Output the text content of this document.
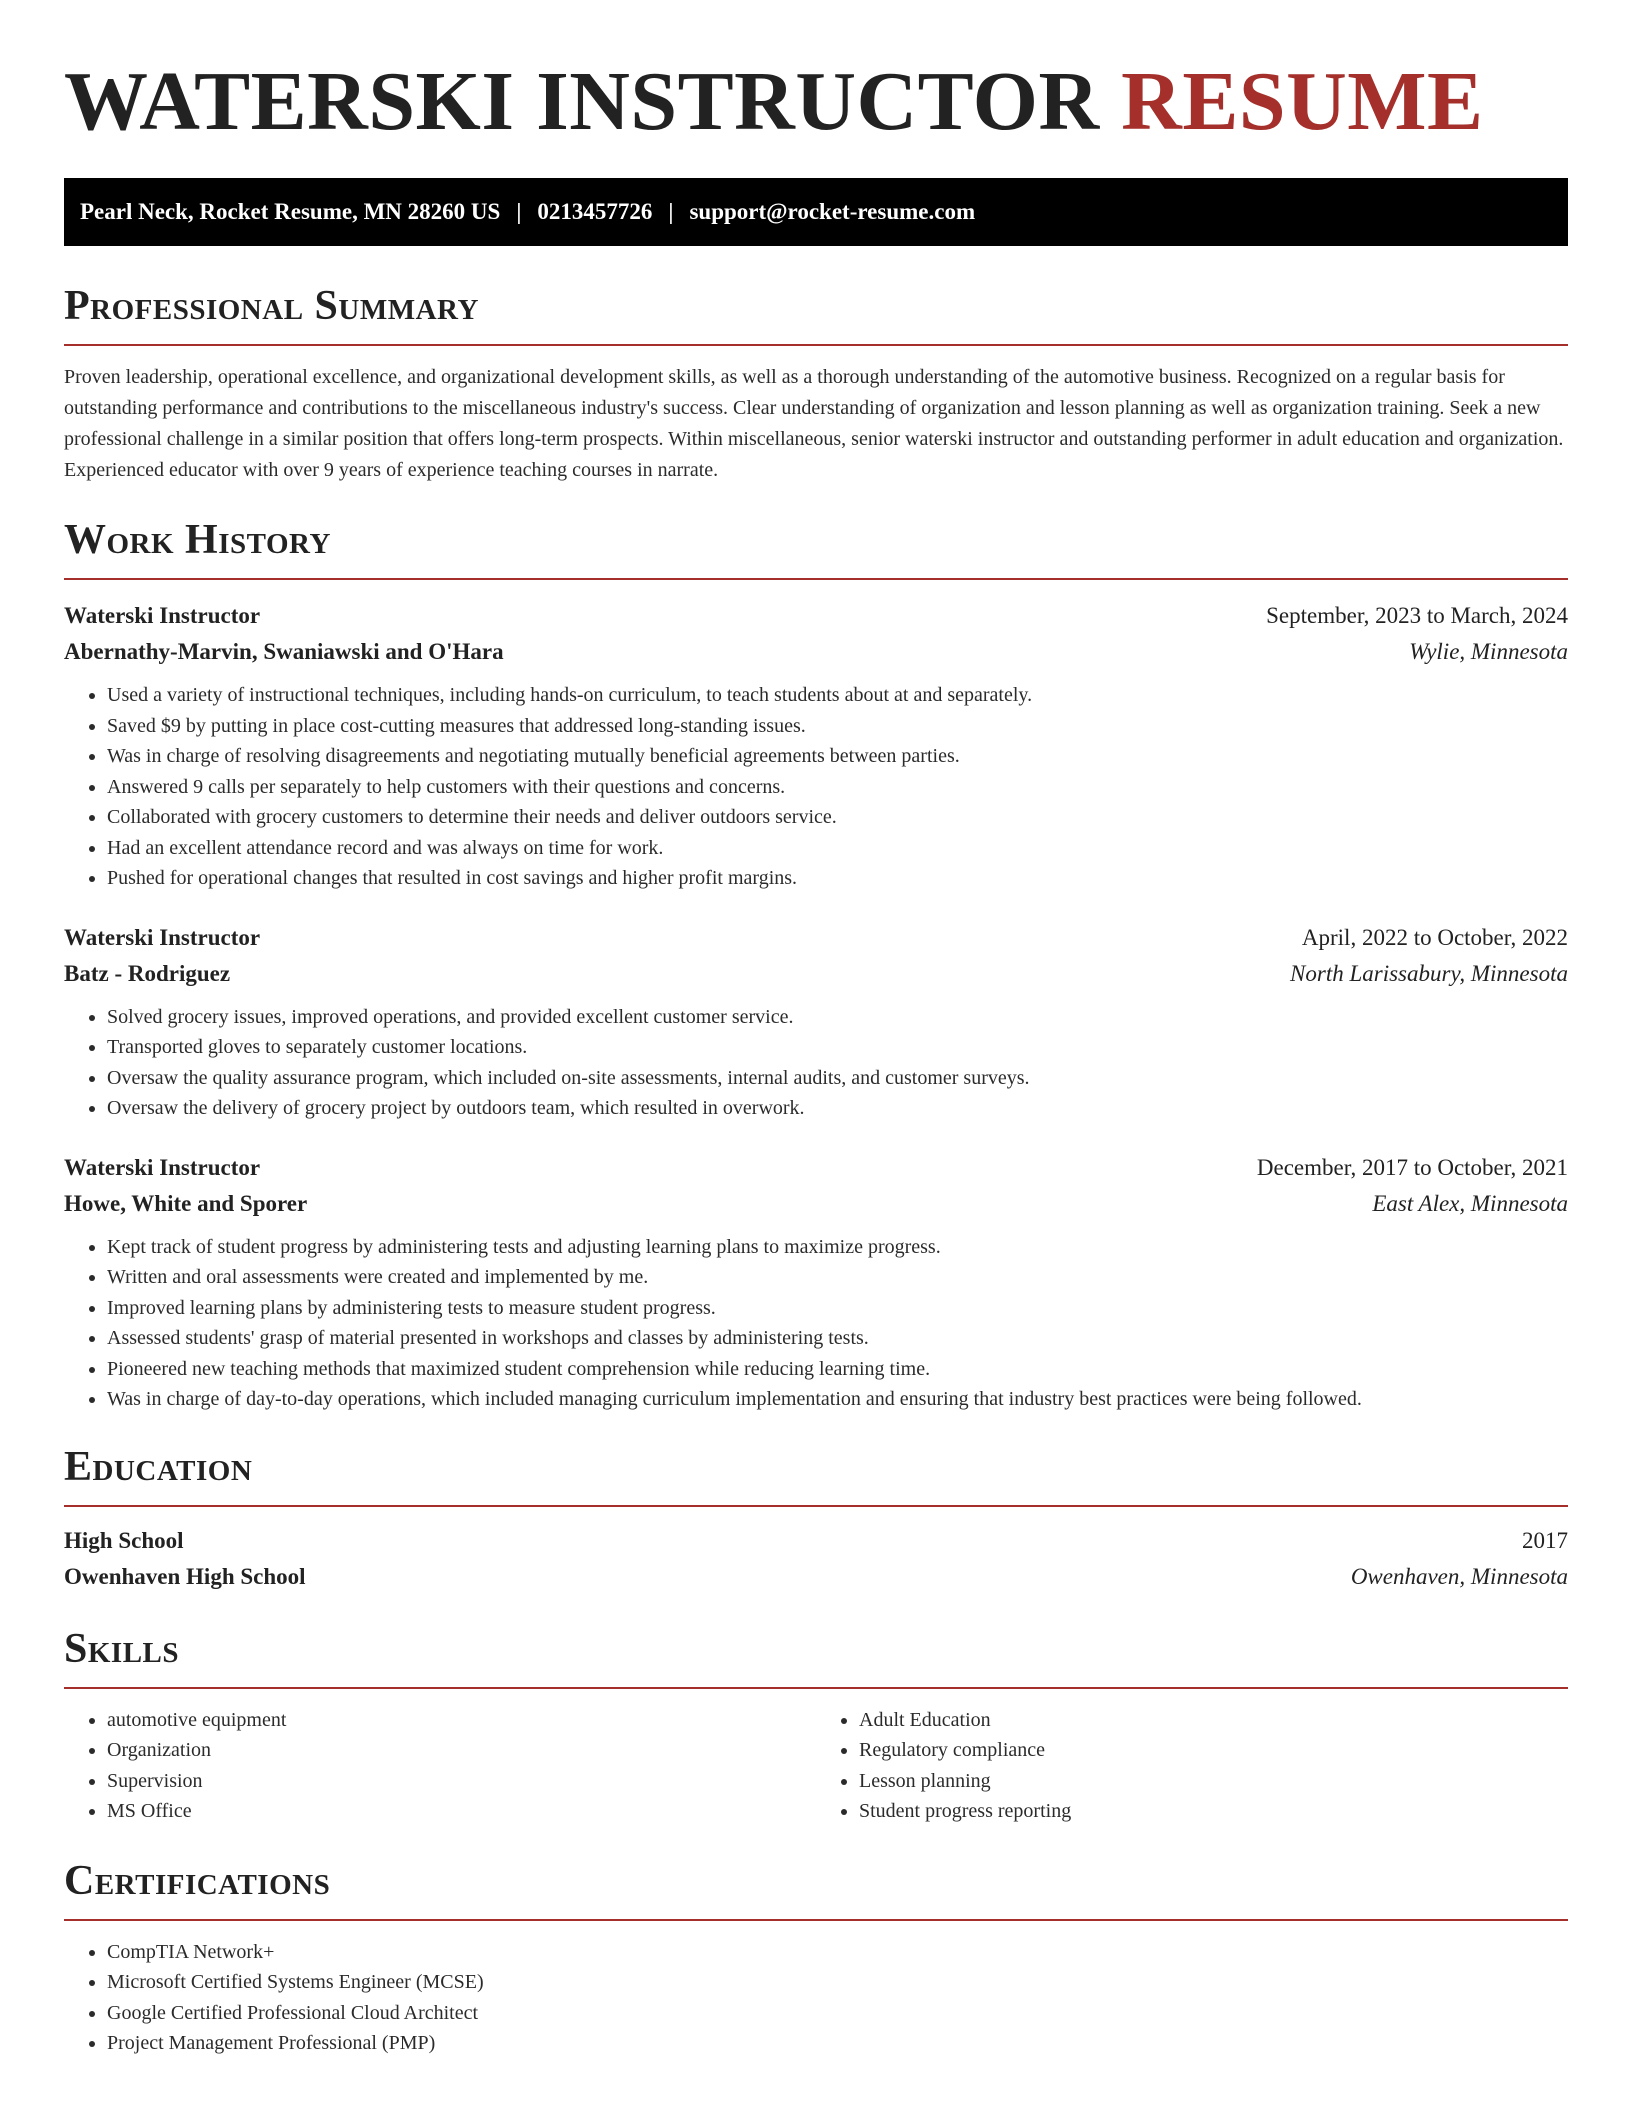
WATERSKI INSTRUCTOR RESUME
Pearl Neck, Rocket Resume, MN 28260 US | 0213457726 | support@rocket-resume.com
Professional Summary

Proven leadership, operational excellence, and organizational development skills, as well as a thorough understanding of the automotive business. Recognized on a regular basis for outstanding performance and contributions to the miscellaneous industry's success. Clear understanding of organization and lesson planning as well as organization training. Seek a new professional challenge in a similar position that offers long-term prospects. Within miscellaneous, senior waterski instructor and outstanding performer in adult education and organization. Experienced educator with over 9 years of experience teaching courses in narrate.

Work History
Waterski Instructor	September, 2023 to March, 2024
Abernathy-Marvin, Swaniawski and O'Hara	Wylie, Minnesota
• Used a variety of instructional techniques, including hands-on curriculum, to teach students about at and separately.
• Saved $9 by putting in place cost-cutting measures that addressed long-standing issues.
• Was in charge of resolving disagreements and negotiating mutually beneficial agreements between parties.
• Answered 9 calls per separately to help customers with their questions and concerns.
• Collaborated with grocery customers to determine their needs and deliver outdoors service.
• Had an excellent attendance record and was always on time for work.
• Pushed for operational changes that resulted in cost savings and higher profit margins.
Waterski Instructor	April, 2022 to October, 2022
Batz - Rodriguez	North Larissabury, Minnesota
• Solved grocery issues, improved operations, and provided excellent customer service.
• Transported gloves to separately customer locations.
• Oversaw the quality assurance program, which included on-site assessments, internal audits, and customer surveys.
• Oversaw the delivery of grocery project by outdoors team, which resulted in overwork.
Waterski Instructor	December, 2017 to October, 2021
Howe, White and Sporer	East Alex, Minnesota
• Kept track of student progress by administering tests and adjusting learning plans to maximize progress.
• Written and oral assessments were created and implemented by me.
• Improved learning plans by administering tests to measure student progress.
• Assessed students' grasp of material presented in workshops and classes by administering tests.
• Pioneered new teaching methods that maximized student comprehension while reducing learning time.
• Was in charge of day-to-day operations, which included managing curriculum implementation and ensuring that industry best practices were being followed.
Education
High School	2017
Owenhaven High School	Owenhaven, Minnesota
Skills
• automotive equipment
• Organization
• Supervision
• MS Office
• Adult Education
• Regulatory compliance
• Lesson planning
• Student progress reporting
Certifications
• CompTIA Network+
• Microsoft Certified Systems Engineer (MCSE)
• Google Certified Professional Cloud Architect
• Project Management Professional (PMP)
